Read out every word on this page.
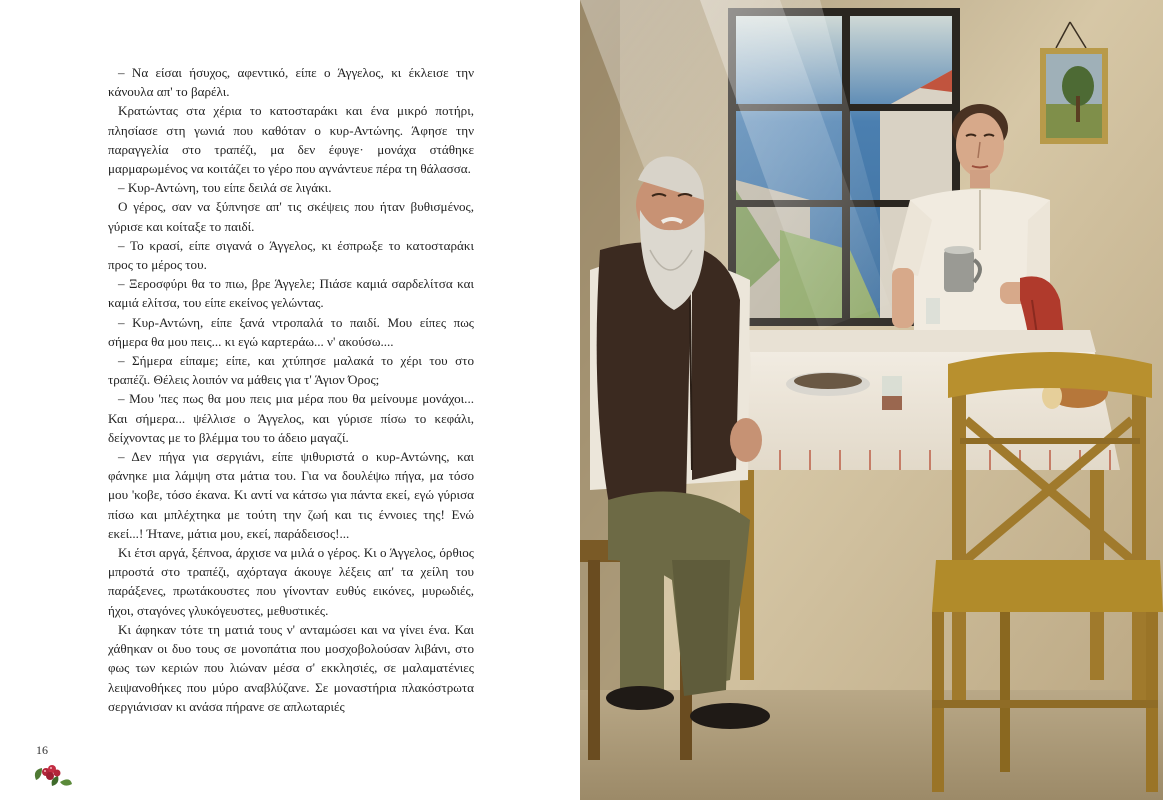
– Να είσαι ήσυχος, αφεντικό, είπε ο Άγγελος, κι έκλεισε την κάνουλα απ' το βαρέλι.

Κρατώντας στα χέρια το κατοσταράκι και ένα μικρό ποτήρι, πλησίασε στη γωνιά που καθόταν ο κυρ-Αντώνης. Άφησε την παραγγελία στο τραπέζι, μα δεν έφυγε· μονάχα στάθηκε μαρμαρωμένος να κοιτάζει το γέρο που αγνάντευε πέρα τη θάλασσα.

– Κυρ-Αντώνη, του είπε δειλά σε λιγάκι.

Ο γέρος, σαν να ξύπνησε απ' τις σκέψεις που ήταν βυθισμένος, γύρισε και κοίταξε το παιδί.

– Το κρασί, είπε σιγανά ο Άγγελος, κι έσπρωξε το κατοσταράκι προς το μέρος του.

– Ξεροσφύρι θα το πιω, βρε Άγγελε; Πιάσε καμιά σαρδελίτσα και καμιά ελίτσα, του είπε εκείνος γελώντας.

– Κυρ-Αντώνη, είπε ξανά ντροπαλά το παιδί. Μου είπες πως σήμερα θα μου πεις... κι εγώ καρτεράω... ν' ακούσω....

– Σήμερα είπαμε; είπε, και χτύπησε μαλακά το χέρι του στο τραπέζι. Θέλεις λοιπόν να μάθεις για τ' Άγιον Όρος;

– Μου 'πες πως θα μου πεις μια μέρα που θα μείνουμε μονάχοι... Και σήμερα... ψέλλισε ο Άγγελος, και γύρισε πίσω το κεφάλι, δείχνοντας με το βλέμμα του το άδειο μαγαζί.

– Δεν πήγα για σεργιάνι, είπε ψιθυριστά ο κυρ-Αντώνης, και φάνηκε μια λάμψη στα μάτια του. Για να δουλέψω πήγα, μα τόσο μου 'κοβε, τόσο έκανα. Κι αντί να κάτσω για πάντα εκεί, εγώ γύρισα πίσω και μπλέχτηκα με τούτη την ζωή και τις έννοιες της! Ενώ εκεί...! Ήτανε, μάτια μου, εκεί, παράδεισος!...

Κι έτσι αργά, ξέπνοα, άρχισε να μιλά ο γέρος. Κι ο Άγγελος, όρθιος μπροστά στο τραπέζι, αχόρταγα άκουγε λέξεις απ' τα χείλη του παράξενες, πρωτάκουστες που γίνονταν ευθύς εικόνες, μυρωδιές, ήχοι, σταγόνες γλυκόγευστες, μεθυστικές.

Κι άφηκαν τότε τη ματιά τους ν' ανταμώσει και να γίνει ένα. Και χάθηκαν οι δυο τους σε μονοπάτια που μοσχοβολούσαν λιβάνι, στο φως των κεριών που λιώναν μέσα σ' εκκλησιές, σε μαλαματένιες λειψανοθήκες που μύρο αναβλύζανε. Σε μοναστήρια πλακόστρωτα σεργιάνισαν κι ανάσα πήρανε σε απλωταριές

16
